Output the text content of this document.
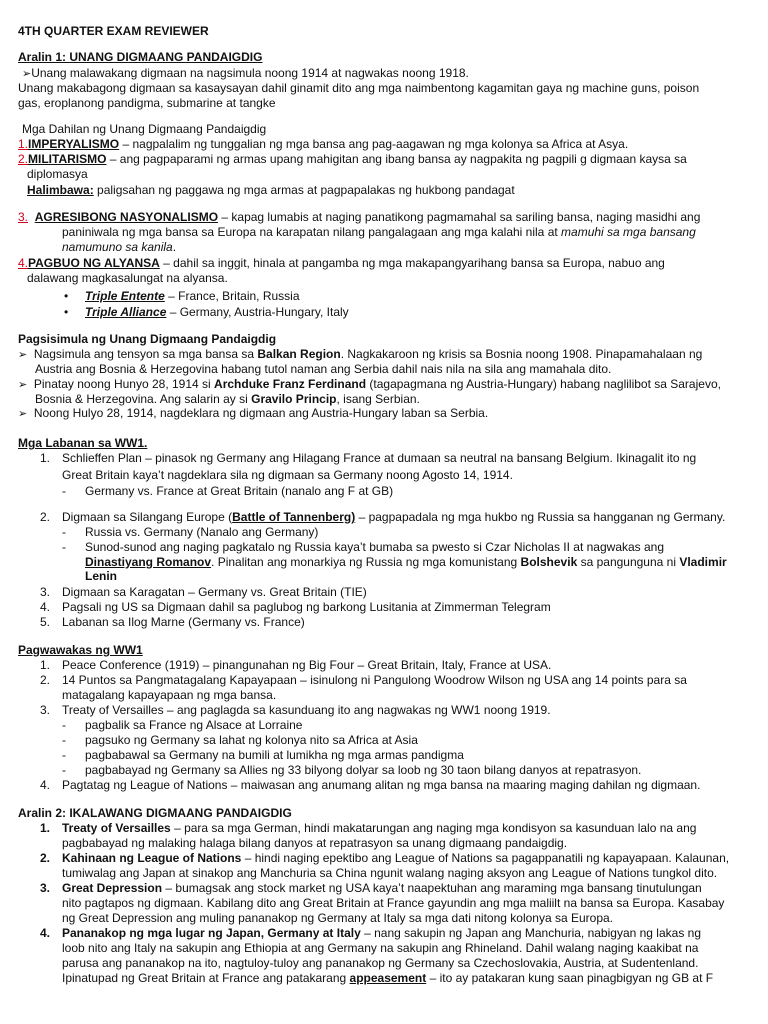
4TH QUARTER EXAM REVIEWER
Aralin 1: UNANG DIGMAANG PANDAIGDIG
➢Unang malawakang digmaan na nagsimula noong 1914 at nagwakas noong 1918.
Unang makabagong digmaan sa kasaysayan dahil ginamit dito ang mga naimbentong kagamitan gaya ng machine guns, poison
gas, eroplanong pandigma, submarine at tangke
Mga Dahilan ng Unang Digmaang Pandaigdig
1.IMPERYALISMO – nagpalalim ng tunggalian ng mga bansa ang pag-aagawan ng mga kolonya sa Africa at Asya.
2.MILITARISMO – ang pagpaparami ng armas upang mahigitan ang ibang bansa ay nagpakita ng pagpili g digmaan kaysa sa
diplomasya
Halimbawa: paligsahan ng paggawa ng mga armas at pagpapalakas ng hukbong pandagat
3. AGRESIBONG NASYONALISMO – kapag lumabis at naging panatikong pagmamahal sa sariling bansa, naging masidhi ang
paniniwala ng mga bansa sa Europa na karapatan nilang pangalagaan ang mga kalahi nila at mamuhi sa mga bansang
namumuno sa kanila.
4.PAGBUO NG ALYANSA – dahil sa inggit, hinala at pangamba ng mga makapangyarihang bansa sa Europa, nabuo ang
dalawang magkasalungat na alyansa.
• Triple Entente – France, Britain, Russia
• Triple Alliance – Germany, Austria-Hungary, Italy
Pagsisimula ng Unang Digmaang Pandaigdig
➢ Nagsimula ang tensyon sa mga bansa sa Balkan Region. Nagkakaroon ng krisis sa Bosnia noong 1908. Pinapamahalaan ng
Austria ang Bosnia & Herzegovina habang tutol naman ang Serbia dahil nais nila na sila ang mamahala dito.
➢ Pinatay noong Hunyo 28, 1914 si Archduke Franz Ferdinand (tagapagmana ng Austria-Hungary) habang naglilibot sa Sarajevo,
Bosnia & Herzegovina. Ang salarin ay si Gravilo Princip, isang Serbian.
➢ Noong Hulyo 28, 1914, nagdeklara ng digmaan ang Austria-Hungary laban sa Serbia.
Mga Labanan sa WW1.
1. Schlieffen Plan – pinasok ng Germany ang Hilagang France at dumaan sa neutral na bansang Belgium. Ikinagalit ito ng
Great Britain kaya’t nagdeklara sila ng digmaan sa Germany noong Agosto 14, 1914.
- Germany vs. France at Great Britain (nanalo ang F at GB)
2. Digmaan sa Silangang Europe (Battle of Tannenberg) – pagpapadala ng mga hukbo ng Russia sa hangganan ng Germany.
- Russia vs. Germany (Nanalo ang Germany)
- Sunod-sunod ang naging pagkatalo ng Russia kaya’t bumaba sa pwesto si Czar Nicholas II at nagwakas ang
Dinastiyang Romanov. Pinalitan ang monarkiya ng Russia ng mga komunistang Bolshevik sa pangunguna ni Vladimir
Lenin
3. Digmaan sa Karagatan – Germany vs. Great Britain (TIE)
4. Pagsali ng US sa Digmaan dahil sa paglubog ng barkong Lusitania at Zimmerman Telegram
5. Labanan sa Ilog Marne (Germany vs. France)
Pagwawakas ng WW1
1. Peace Conference (1919) – pinangunahan ng Big Four – Great Britain, Italy, France at USA.
2. 14 Puntos sa Pangmatagalang Kapayapaan – isinulong ni Pangulong Woodrow Wilson ng USA ang 14 points para sa
matagalang kapayapaan ng mga bansa.
3. Treaty of Versailles – ang paglagda sa kasunduang ito ang nagwakas ng WW1 noong 1919.
- pagbalik sa France ng Alsace at Lorraine
- pagsuko ng Germany sa lahat ng kolonya nito sa Africa at Asia
- pagbabawal sa Germany na bumili at lumikha ng mga armas pandigma
- pagbabayad ng Germany sa Allies ng 33 bilyong dolyar sa loob ng 30 taon bilang danyos at repatrasyon.
4. Pagtatag ng League of Nations – maiwasan ang anumang alitan ng mga bansa na maaring maging dahilan ng digmaan.
Aralin 2: IKALAWANG DIGMAANG PANDAIGDIG
1. Treaty of Versailles – para sa mga German, hindi makatarungan ang naging mga kondisyon sa kasunduan lalo na ang
pagbabayad ng malaking halaga bilang danyos at repatrasyon sa unang digmaang pandaigdig.
2. Kahinaan ng League of Nations – hindi naging epektibo ang League of Nations sa pagappanatili ng kapayapaan. Kalaunan,
tumiwalag ang Japan at sinakop ang Manchuria sa China ngunit walang naging aksyon ang League of Nations tungkol dito.
3. Great Depression – bumagsak ang stock market ng USA kaya’t naapektuhan ang maraming mga bansang tinutulungan
nito pagtapos ng digmaan. Kabilang dito ang Great Britain at France gayundin ang mga maliilt na bansa sa Europa. Kasabay
ng Great Depression ang muling pananakop ng Germany at Italy sa mga dati nitong kolonya sa Europa.
4. Pananakop ng mga lugar ng Japan, Germany at Italy – nang sakupin ng Japan ang Manchuria, nabigyan ng lakas ng
loob nito ang Italy na sakupin ang Ethiopia at ang Germany na sakupin ang Rhineland. Dahil walang naging kaakibat na
parusa ang pananakop na ito, nagtuloy-tuloy ang pananakop ng Germany sa Czechoslovakia, Austria, at Sudentenland.
Ipinatupad ng Great Britain at France ang patakarang appeasement – ito ay patakaran kung saan pinagbigyan ng GB at F
